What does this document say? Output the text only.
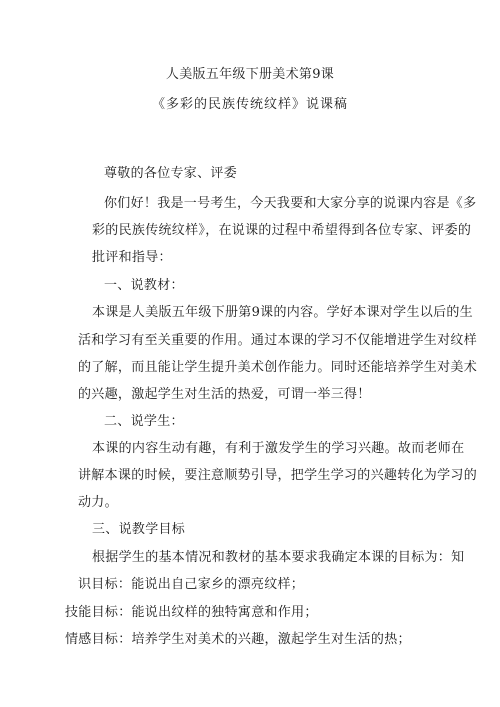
人美版五年级下册美术第9课
《多彩的民族传统纹样》说课稿
尊敬的各位专家、评委
你们好！我是一号考生，今天我要和大家分享的说课内容是《多
彩的民族传统纹样》，在说课的过程中希望得到各位专家、评委的
批评和指导：
一、说教材：
本课是人美版五年级下册第9课的内容。学好本课对学生以后的生
活和学习有至关重要的作用。通过本课的学习不仅能增进学生对纹样
的了解，而且能让学生提升美术创作能力。同时还能培养学生对美术
的兴趣，激起学生对生活的热爱，可谓一举三得！
二、说学生：
本课的内容生动有趣，有利于激发学生的学习兴趣。故而老师在
讲解本课的时候，要注意顺势引导，把学生学习的兴趣转化为学习的
动力。
三、说教学目标
根据学生的基本情况和教材的基本要求我确定本课的目标为：知
识目标：能说出自己家乡的漂亮纹样；
技能目标：能说出纹样的独特寓意和作用；
情感目标：培养学生对美术的兴趣，激起学生对生活的热；
